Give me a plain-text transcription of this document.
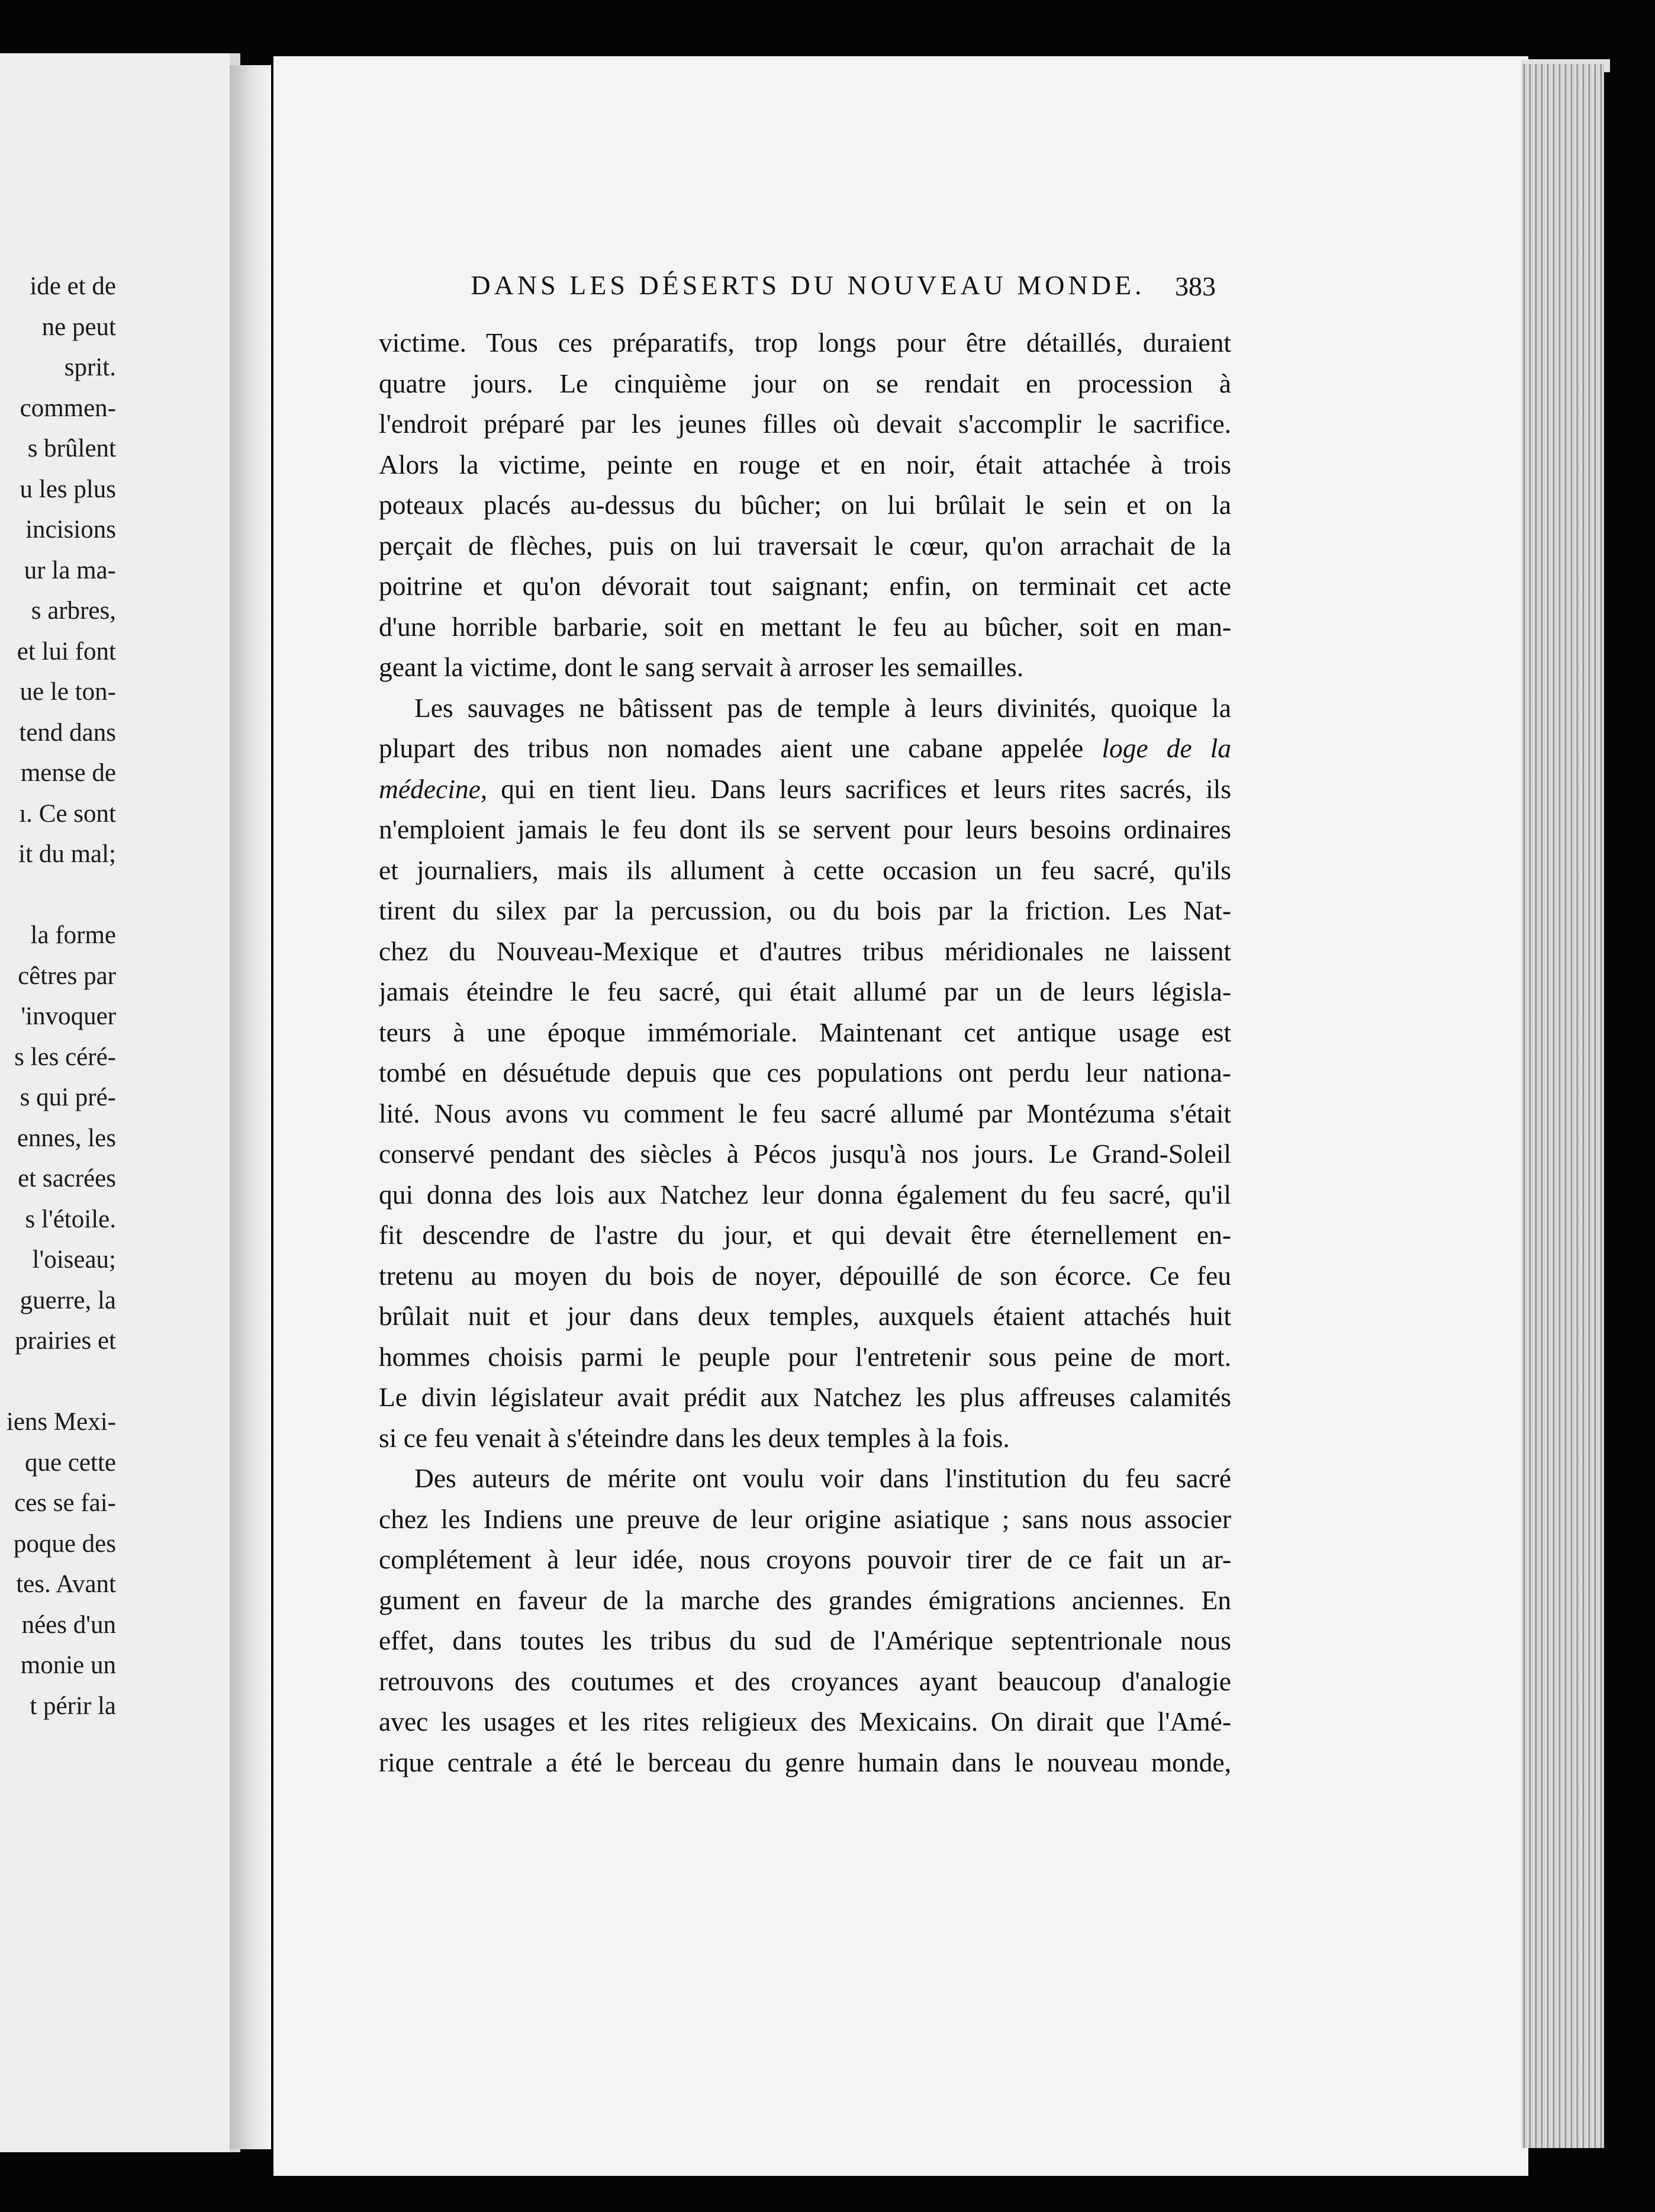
ide et de

ne peut

sprit.

commen-

s brûlent

u les plus

incisions

ur la ma-

s arbres,

et lui font

ue le ton-

tend dans

mense de

ı. Ce sont

it du mal;

la forme

cêtres par

'invoquer

s les céré-

s qui pré-

ennes, les

et sacrées

s l'étoile.

l'oiseau;

guerre, la

prairies et

iens Mexi-

que cette

ces se fai-

poque des

tes. Avant

nées d'un

monie un

t périr la

DANS LES DÉSERTS DU NOUVEAU MONDE.	383

victime. Tous ces préparatifs, trop longs pour être détaillés, duraient

quatre jours. Le cinquième jour on se rendait en procession à

l'endroit préparé par les jeunes filles où devait s'accomplir le sacrifice.

Alors la victime, peinte en rouge et en noir, était attachée à trois

poteaux placés au-dessus du bûcher; on lui brûlait le sein et on la

perçait de flèches, puis on lui traversait le cœur, qu'on arrachait de la

poitrine et qu'on dévorait tout saignant; enfin, on terminait cet acte

d'une horrible barbarie, soit en mettant le feu au bûcher, soit en man-

geant la victime, dont le sang servait à arroser les semailles.

Les sauvages ne bâtissent pas de temple à leurs divinités, quoique la

plupart des tribus non nomades aient une cabane appelée loge de la

médecine, qui en tient lieu. Dans leurs sacrifices et leurs rites sacrés, ils

n'emploient jamais le feu dont ils se servent pour leurs besoins ordinaires

et journaliers, mais ils allument à cette occasion un feu sacré, qu'ils

tirent du silex par la percussion, ou du bois par la friction. Les Nat-

chez du Nouveau-Mexique et d'autres tribus méridionales ne laissent

jamais éteindre le feu sacré, qui était allumé par un de leurs législa-

teurs à une époque immémoriale. Maintenant cet antique usage est

tombé en désuétude depuis que ces populations ont perdu leur nationa-

lité. Nous avons vu comment le feu sacré allumé par Montézuma s'était

conservé pendant des siècles à Pécos jusqu'à nos jours. Le Grand-Soleil

qui donna des lois aux Natchez leur donna également du feu sacré, qu'il

fit descendre de l'astre du jour, et qui devait être éternellement en-

tretenu au moyen du bois de noyer, dépouillé de son écorce. Ce feu

brûlait nuit et jour dans deux temples, auxquels étaient attachés huit

hommes choisis parmi le peuple pour l'entretenir sous peine de mort.

Le divin législateur avait prédit aux Natchez les plus affreuses calamités

si ce feu venait à s'éteindre dans les deux temples à la fois.

Des auteurs de mérite ont voulu voir dans l'institution du feu sacré

chez les Indiens une preuve de leur origine asiatique ; sans nous associer

complétement à leur idée, nous croyons pouvoir tirer de ce fait un ar-

gument en faveur de la marche des grandes émigrations anciennes. En

effet, dans toutes les tribus du sud de l'Amérique septentrionale nous

retrouvons des coutumes et des croyances ayant beaucoup d'analogie

avec les usages et les rites religieux des Mexicains. On dirait que l'Amé-

rique centrale a été le berceau du genre humain dans le nouveau monde,
